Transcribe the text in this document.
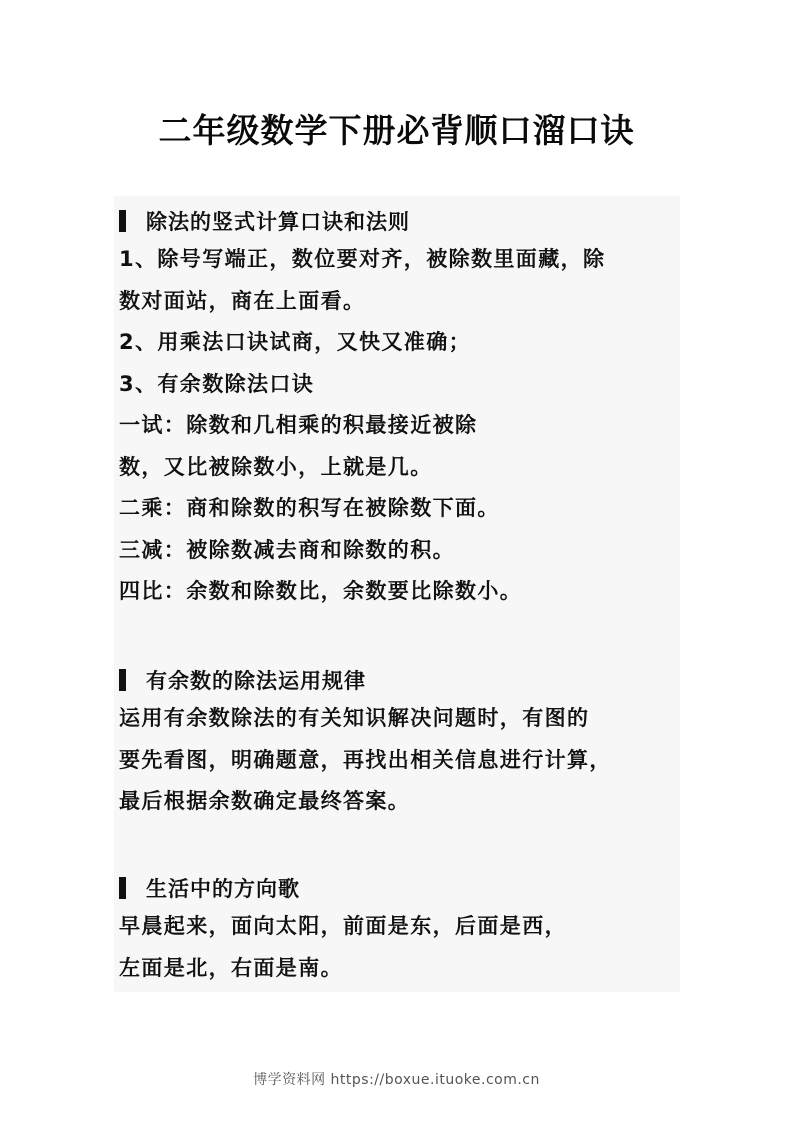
二年级数学下册必背顺口溜口诀
除法的竖式计算口诀和法则
1、除号写端正，数位要对齐，被除数里面藏，除
数对面站，商在上面看。
2、用乘法口诀试商，又快又准确；
3、有余数除法口诀
一试：除数和几相乘的积最接近被除
数，又比被除数小，上就是几。
二乘：商和除数的积写在被除数下面。
三减：被除数减去商和除数的积。
四比：余数和除数比，余数要比除数小。
有余数的除法运用规律
运用有余数除法的有关知识解决问题时，有图的
要先看图，明确题意，再找出相关信息进行计算，
最后根据余数确定最终答案。
生活中的方向歌
早晨起来，面向太阳，前面是东，后面是西，
左面是北，右面是南。
博学资料网 https://boxue.ituoke.com.cn
